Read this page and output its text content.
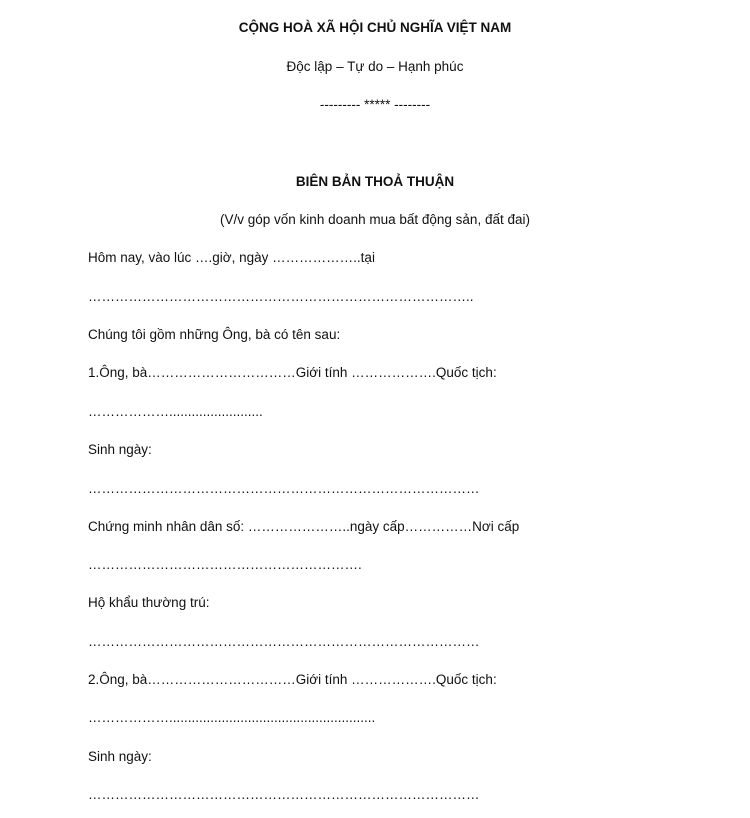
CỘNG HOÀ XÃ HỘI CHỦ NGHĨA VIỆT NAM
Độc lập – Tự do – Hạnh phúc
--------- ***** --------
BIÊN BẢN THOẢ THUẬN
(V/v góp vốn kinh doanh mua bất động sản, đất đai)
Hôm nay, vào lúc ….giờ, ngày ………………..tại
…………………………………………………………………………..
Chúng tôi gồm những Ông, bà có tên sau:
1.Ông, bà……………………………Giới tính ……………….Quốc tịch:
……………….........................
Sinh ngày:
……………………………………………………………………………
Chứng minh nhân dân số: …………………..ngày cấp……………Nơi cấp
…………………………………………………….
Hộ khẩu thường trú:
……………………………………………………………………………
2.Ông, bà……………………………Giới tính ……………….Quốc tịch:
……………….......................................................
Sinh ngày:
……………………………………………………………………………
